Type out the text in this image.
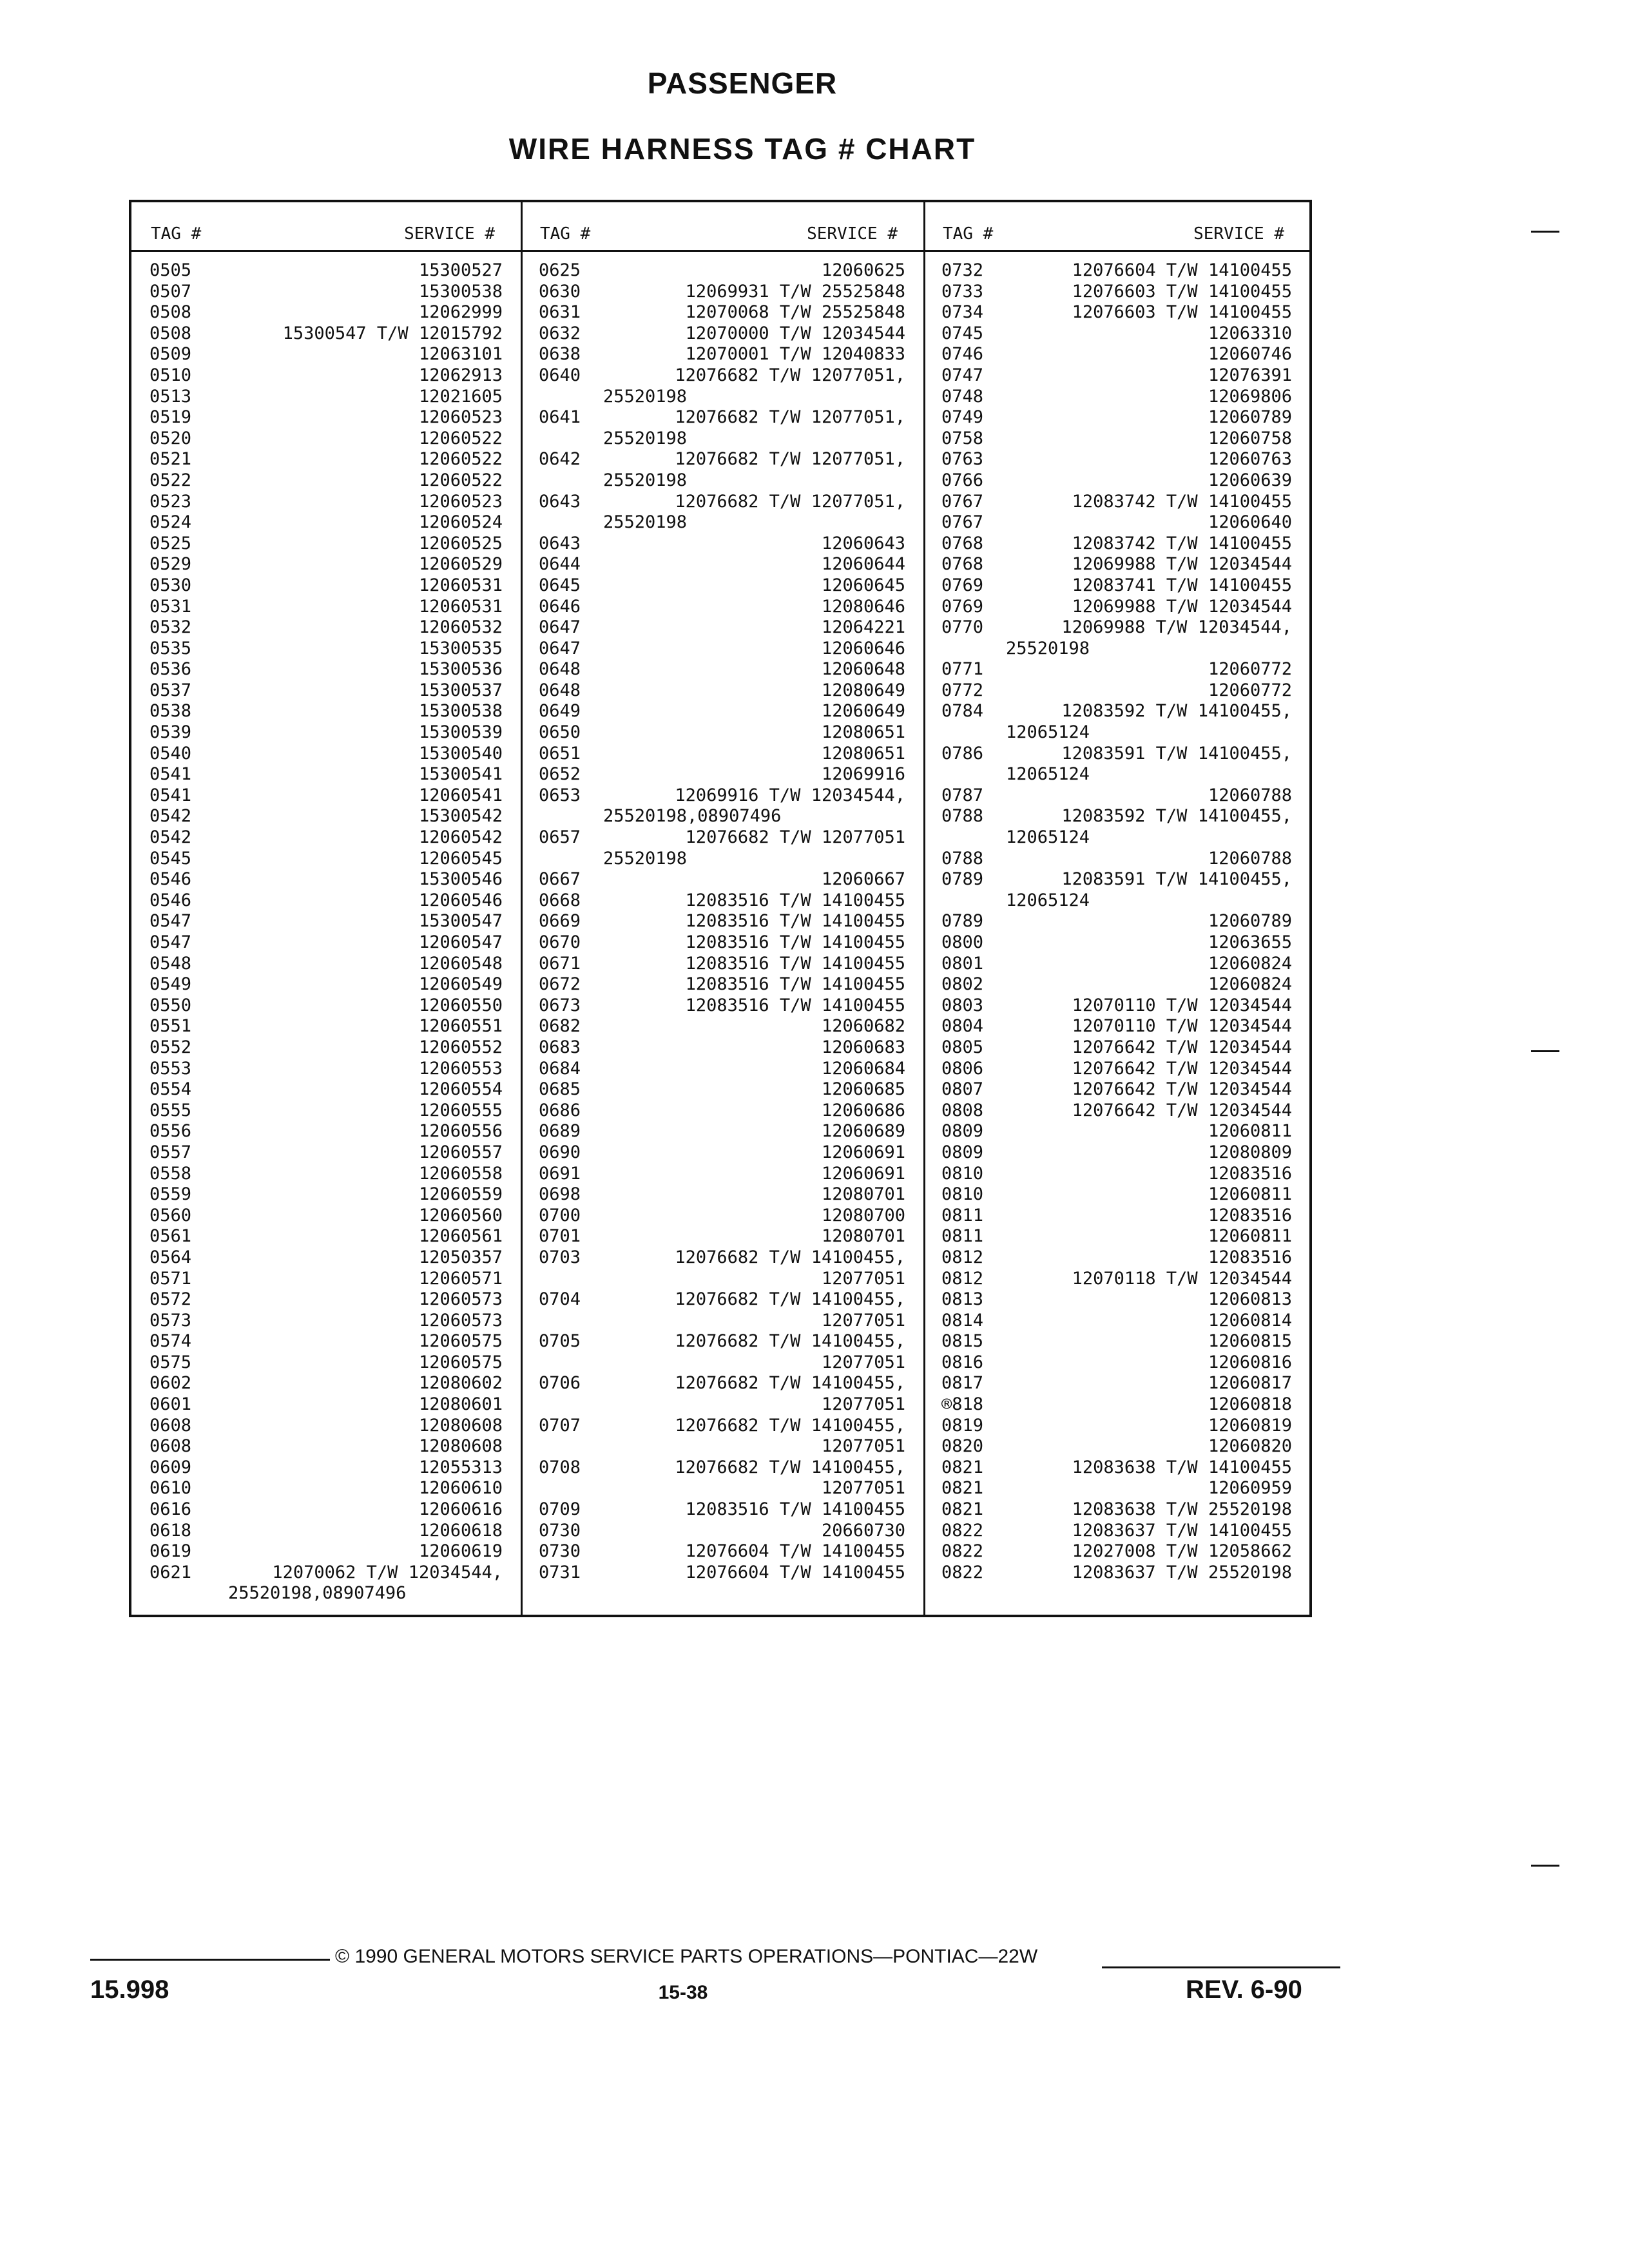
PASSENGER
WIRE HARNESS TAG # CHART
TAG #	SERVICE #
0505	15300527
0507	15300538
0508	12062999
0508	15300547 T/W 12015792
0509	12063101
0510	12062913
0513	12021605
0519	12060523
0520	12060522
0521	12060522
0522	12060522
0523	12060523
0524	12060524
0525	12060525
0529	12060529
0530	12060531
0531	12060531
0532	12060532
0535	15300535
0536	15300536
0537	15300537
0538	15300538
0539	15300539
0540	15300540
0541	15300541
0541	12060541
0542	15300542
0542	12060542
0545	12060545
0546	15300546
0546	12060546
0547	15300547
0547	12060547
0548	12060548
0549	12060549
0550	12060550
0551	12060551
0552	12060552
0553	12060553
0554	12060554
0555	12060555
0556	12060556
0557	12060557
0558	12060558
0559	12060559
0560	12060560
0561	12060561
0564	12050357
0571	12060571
0572	12060573
0573	12060573
0574	12060575
0575	12060575
0602	12080602
0601	12080601
0608	12080608
0608	12080608
0609	12055313
0610	12060610
0616	12060616
0618	12060618
0619	12060619
0621	12070062 T/W 12034544,
25520198,08907496
TAG #	SERVICE #
0625	12060625
0630	12069931 T/W 25525848
0631	12070068 T/W 25525848
0632	12070000 T/W 12034544
0638	12070001 T/W 12040833
0640	12076682 T/W 12077051,
25520198
0641	12076682 T/W 12077051,
25520198
0642	12076682 T/W 12077051,
25520198
0643	12076682 T/W 12077051,
25520198
0643	12060643
0644	12060644
0645	12060645
0646	12080646
0647	12064221
0647	12060646
0648	12060648
0648	12080649
0649	12060649
0650	12080651
0651	12080651
0652	12069916
0653	12069916 T/W 12034544,
25520198,08907496
0657	12076682 T/W 12077051
25520198
0667	12060667
0668	12083516 T/W 14100455
0669	12083516 T/W 14100455
0670	12083516 T/W 14100455
0671	12083516 T/W 14100455
0672	12083516 T/W 14100455
0673	12083516 T/W 14100455
0682	12060682
0683	12060683
0684	12060684
0685	12060685
0686	12060686
0689	12060689
0690	12060691
0691	12060691
0698	12080701
0700	12080700
0701	12080701
0703	12076682 T/W 14100455,
12077051
0704	12076682 T/W 14100455,
12077051
0705	12076682 T/W 14100455,
12077051
0706	12076682 T/W 14100455,
12077051
0707	12076682 T/W 14100455,
12077051
0708	12076682 T/W 14100455,
12077051
0709	12083516 T/W 14100455
0730	20660730
0730	12076604 T/W 14100455
0731	12076604 T/W 14100455
TAG #	SERVICE #
0732	12076604 T/W 14100455
0733	12076603 T/W 14100455
0734	12076603 T/W 14100455
0745	12063310
0746	12060746
0747	12076391
0748	12069806
0749	12060789
0758	12060758
0763	12060763
0766	12060639
0767	12083742 T/W 14100455
0767	12060640
0768	12083742 T/W 14100455
0768	12069988 T/W 12034544
0769	12083741 T/W 14100455
0769	12069988 T/W 12034544
0770	12069988 T/W 12034544,
25520198
0771	12060772
0772	12060772
0784	12083592 T/W 14100455,
12065124
0786	12083591 T/W 14100455,
12065124
0787	12060788
0788	12083592 T/W 14100455,
12065124
0788	12060788
0789	12083591 T/W 14100455,
12065124
0789	12060789
0800	12063655
0801	12060824
0802	12060824
0803	12070110 T/W 12034544
0804	12070110 T/W 12034544
0805	12076642 T/W 12034544
0806	12076642 T/W 12034544
0807	12076642 T/W 12034544
0808	12076642 T/W 12034544
0809	12060811
0809	12080809
0810	12083516
0810	12060811
0811	12083516
0811	12060811
0812	12083516
0812	12070118 T/W 12034544
0813	12060813
0814	12060814
0815	12060815
0816	12060816
0817	12060817
®818	12060818
0819	12060819
0820	12060820
0821	12083638 T/W 14100455
0821	12060959
0821	12083638 T/W 25520198
0822	12083637 T/W 14100455
0822	12027008 T/W 12058662
0822	12083637 T/W 25520198
© 1990 GENERAL MOTORS SERVICE PARTS OPERATIONS—PONTIAC—22W
15.998	15-38	REV. 6-90
